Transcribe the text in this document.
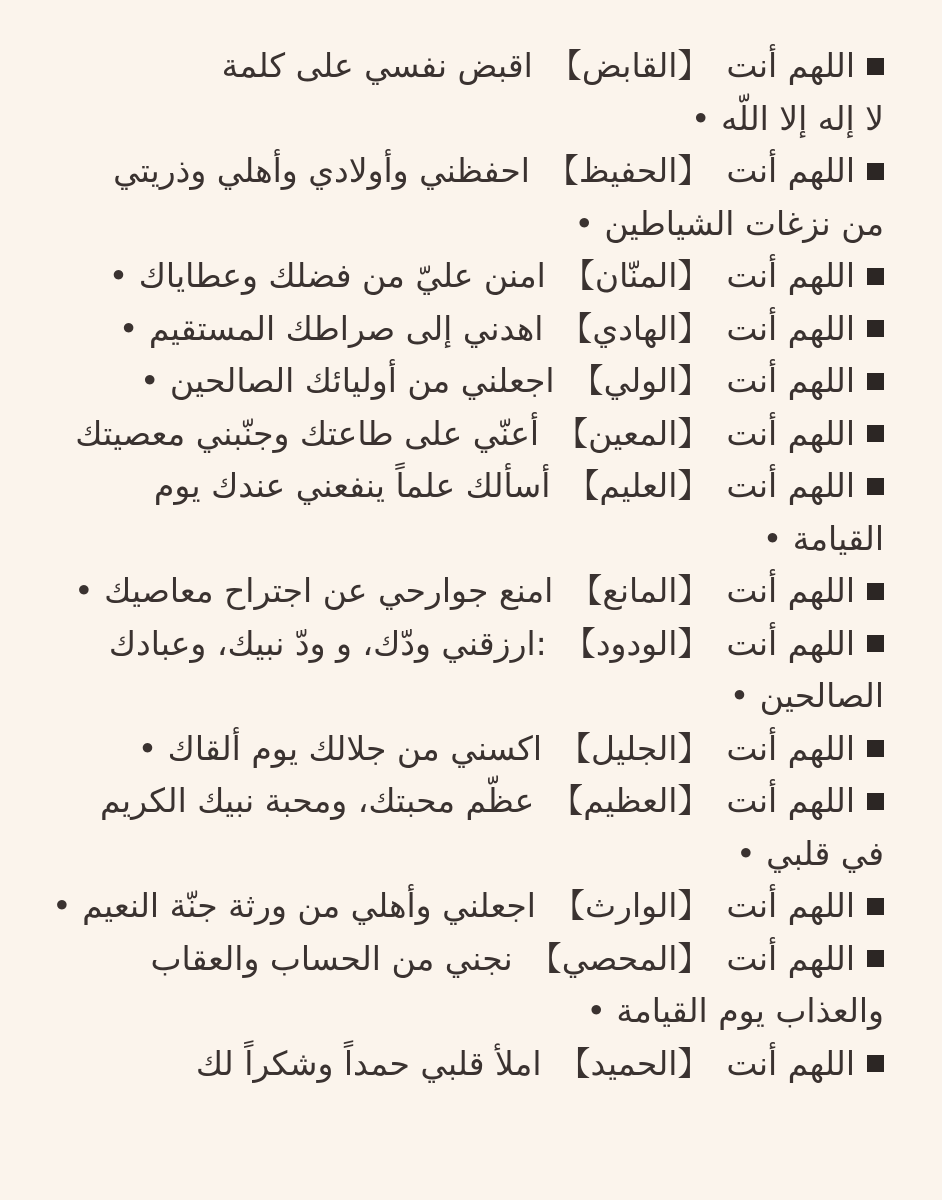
اللهم أنت
【القابض】
اقبض نفسي على كلمة
لا إله إلا اللّه •
اللهم أنت
【الحفيظ】
احفظني وأولادي وأهلي وذريتي
من نزغات الشياطين •
اللهم أنت
【المنّان】
امنن عليّ من فضلك وعطاياك •
اللهم أنت
【الهادي】
اهدني إلى صراطك المستقيم •
اللهم أنت
【الولي】
اجعلني من أوليائك الصالحين •
اللهم أنت
【المعين】
أعنّي على طاعتك وجنّبني معصيتك
اللهم أنت
【العليم】
أسألك علماً ينفعني عندك يوم
القيامة •
اللهم أنت
【المانع】
امنع جوارحي عن اجتراح معاصيك •
اللهم أنت
【الودود】
:ارزقني ودّك، و ودّ نبيك، وعبادك
الصالحين •
اللهم أنت
【الجليل】
اكسني من جلالك يوم ألقاك •
اللهم أنت
【العظيم】
عظّم محبتك، ومحبة نبيك الكريم
في قلبي •
اللهم أنت
【الوارث】
اجعلني وأهلي من ورثة جنّة النعيم •
اللهم أنت
【المحصي】
نجني من الحساب والعقاب
والعذاب يوم القيامة •
اللهم أنت
【الحميد】
املأ قلبي حمداً وشكراً لك
